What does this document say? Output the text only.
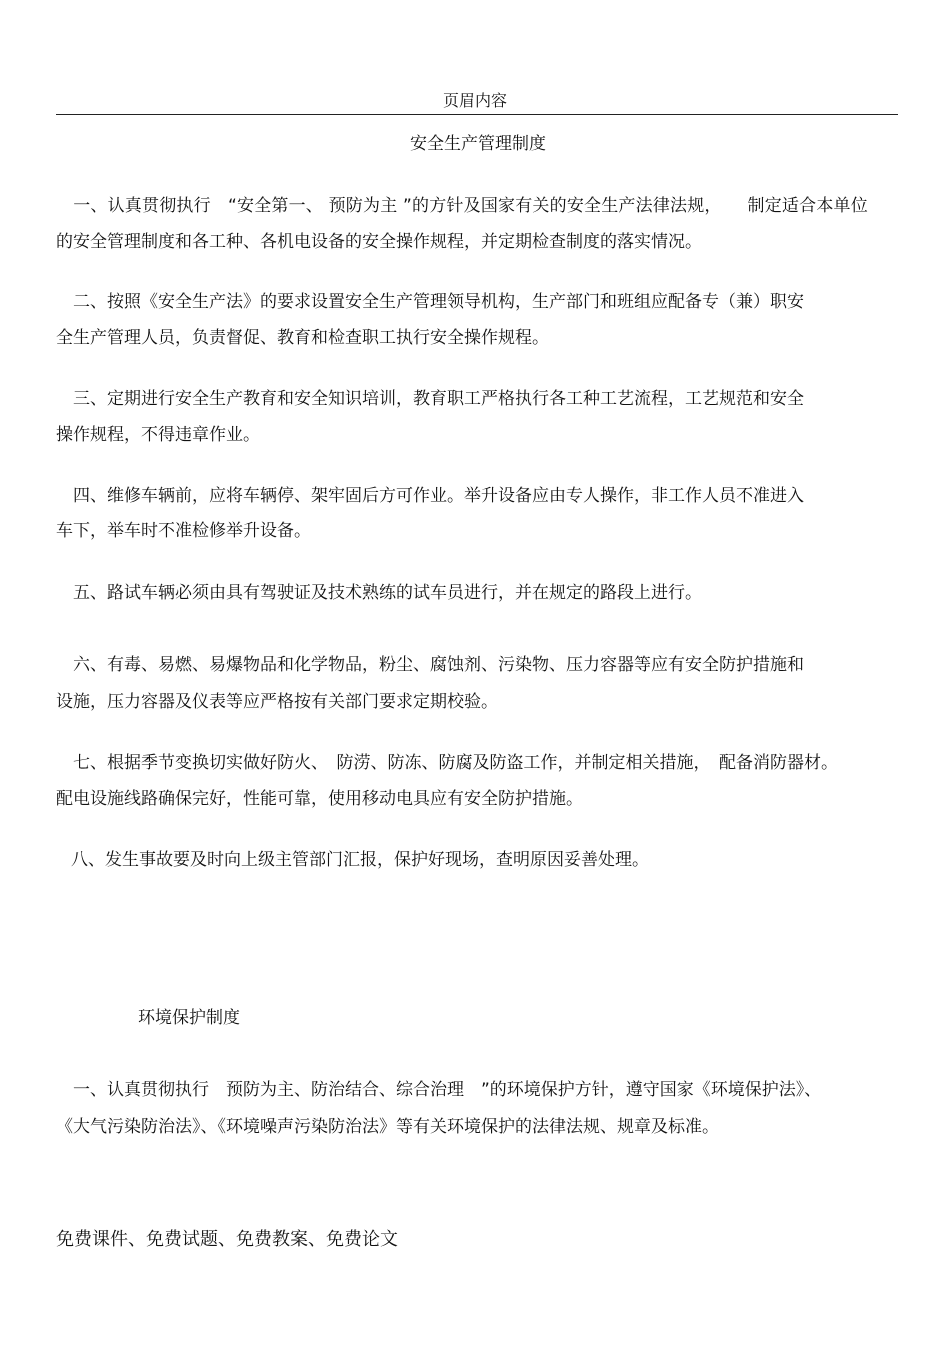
页眉内容
安全生产管理制度
　一、认真贯彻执行　“安全第一、 预防为主 ”的方针及国家有关的安全生产法律法规，　　制定适合本单位
的安全管理制度和各工种、各机电设备的安全操作规程，并定期检查制度的落实情况。
　二、按照《安全生产法》的要求设置安全生产管理领导机构，生产部门和班组应配备专（兼）职安
全生产管理人员，负责督促、教育和检查职工执行安全操作规程。
　三、定期进行安全生产教育和安全知识培训，教育职工严格执行各工种工艺流程，工艺规范和安全
操作规程，不得违章作业。
　四、维修车辆前，应将车辆停、架牢固后方可作业。举升设备应由专人操作，非工作人员不准进入
车下，举车时不准检修举升设备。
　五、路试车辆必须由具有驾驶证及技术熟练的试车员进行，并在规定的路段上进行。
　六、有毒、易燃、易爆物品和化学物品，粉尘、腐蚀剂、污染物、压力容器等应有安全防护措施和
设施，压力容器及仪表等应严格按有关部门要求定期校验。
　七、根据季节变换切实做好防火、　防涝、防冻、防腐及防盗工作，并制定相关措施，　配备消防器材。
配电设施线路确保完好，性能可靠，使用移动电具应有安全防护措施。
　八、发生事故要及时向上级主管部门汇报，保护好现场，查明原因妥善处理。
环境保护制度
　一、认真贯彻执行　预防为主、防治结合、综合治理　”的环境保护方针，遵守国家《环境保护法》、
《大气污染防治法》、《环境噪声污染防治法》等有关环境保护的法律法规、规章及标准。
免费课件、免费试题、免费教案、免费论文
